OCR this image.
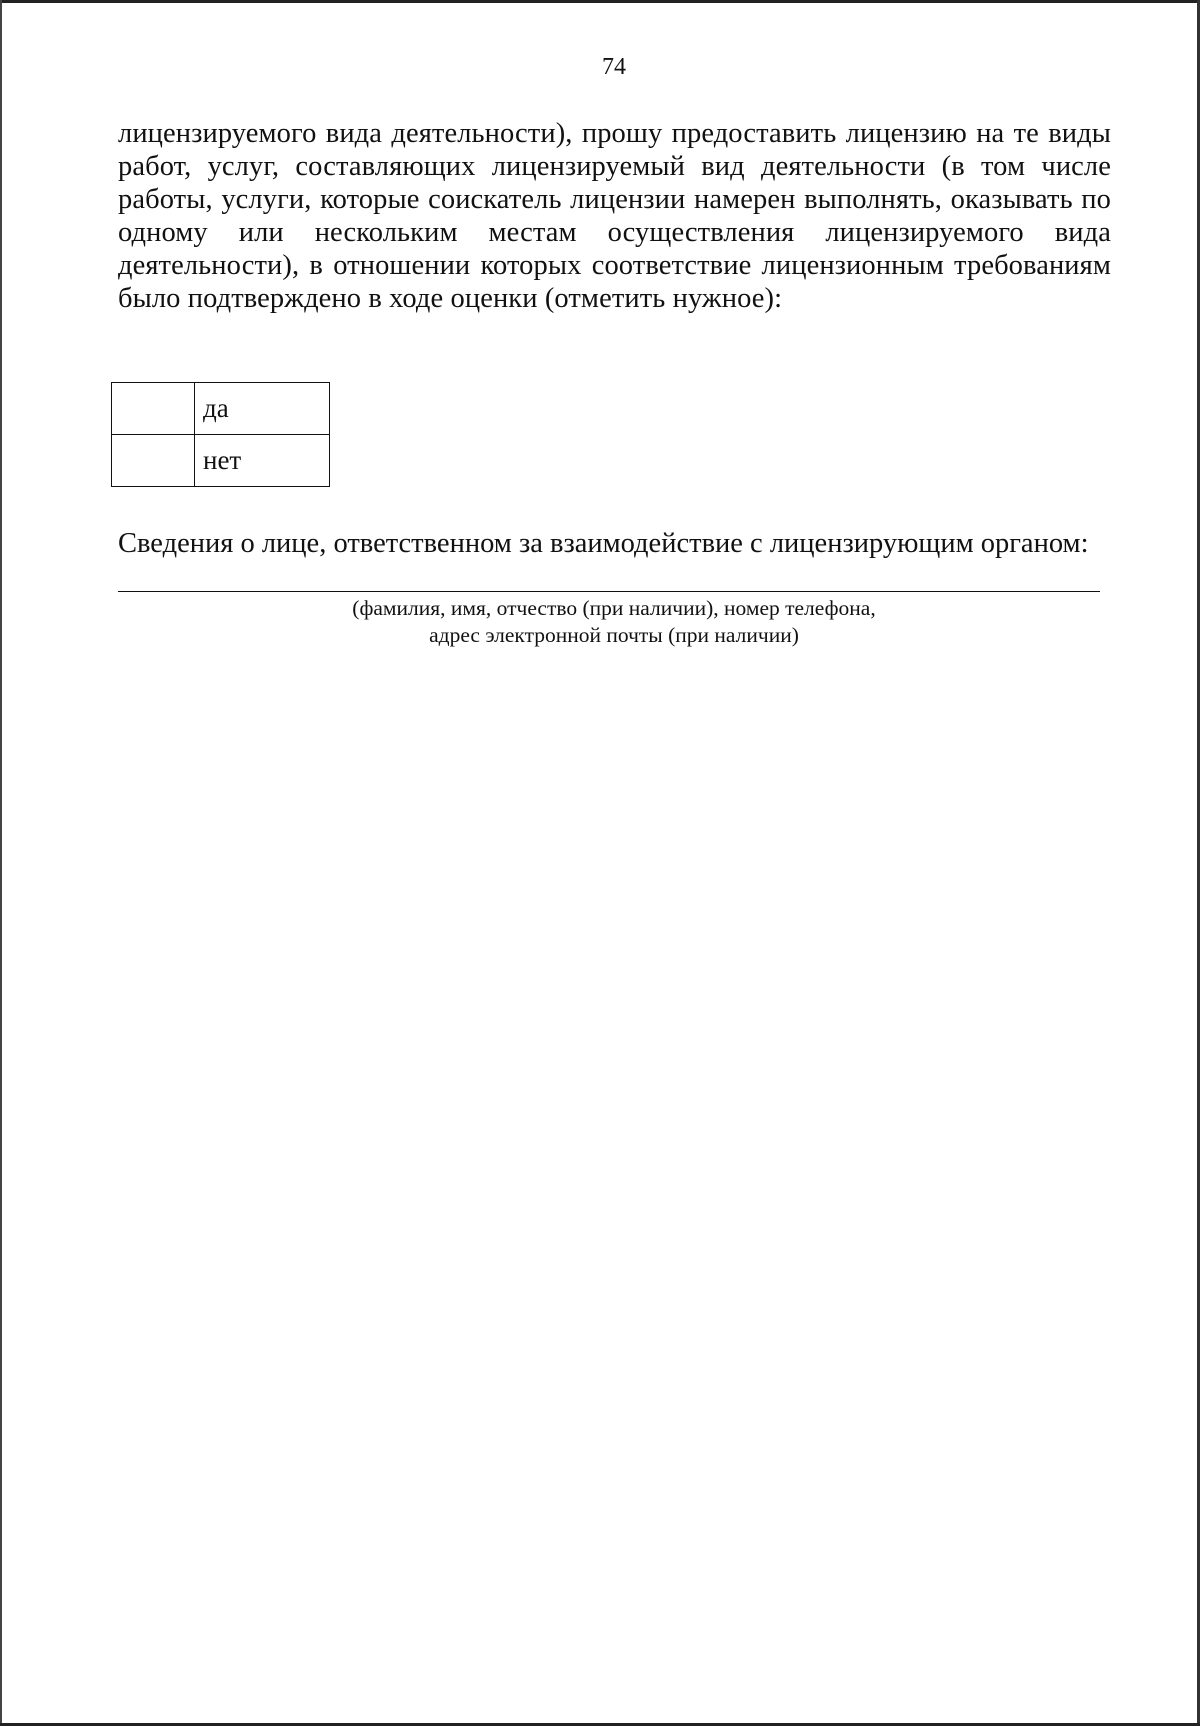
74
лицензируемого вида деятельности), прошу предоставить лицензию на те виды
работ, услуг, составляющих лицензируемый вид деятельности (в том числе
работы, услуги, которые соискатель лицензии намерен выполнять, оказывать по
одному или нескольким местам осуществления лицензируемого вида
деятельности), в отношении которых соответствие лицензионным требованиям
было подтверждено в ходе оценки (отметить нужное):
	да
	нет
Сведения о лице, ответственном за взаимодействие с лицензирующим органом:
(фамилия, имя, отчество (при наличии), номер телефона,
адрес электронной почты (при наличии)
